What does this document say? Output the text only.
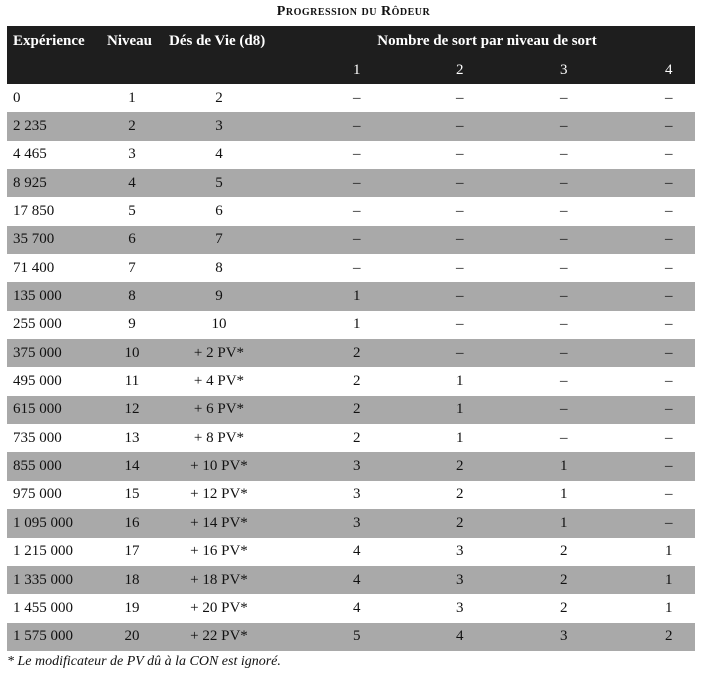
Progression du Rôdeur
Expérience	Niveau	Dés de Vie (d8)	Nombre de sort par niveau de sort			
			1	2	3	4
0	1	2	–	–	–	–
2 235	2	3	–	–	–	–
4 465	3	4	–	–	–	–
8 925	4	5	–	–	–	–
17 850	5	6	–	–	–	–
35 700	6	7	–	–	–	–
71 400	7	8	–	–	–	–
135 000	8	9	1	–	–	–
255 000	9	10	1	–	–	–
375 000	10	+ 2 PV*	2	–	–	–
495 000	11	+ 4 PV*	2	1	–	–
615 000	12	+ 6 PV*	2	1	–	–
735 000	13	+ 8 PV*	2	1	–	–
855 000	14	+ 10 PV*	3	2	1	–
975 000	15	+ 12 PV*	3	2	1	–
1 095 000	16	+ 14 PV*	3	2	1	–
1 215 000	17	+ 16 PV*	4	3	2	1
1 335 000	18	+ 18 PV*	4	3	2	1
1 455 000	19	+ 20 PV*	4	3	2	1
1 575 000	20	+ 22 PV*	5	4	3	2
* Le modificateur de PV dû à la CON est ignoré.
